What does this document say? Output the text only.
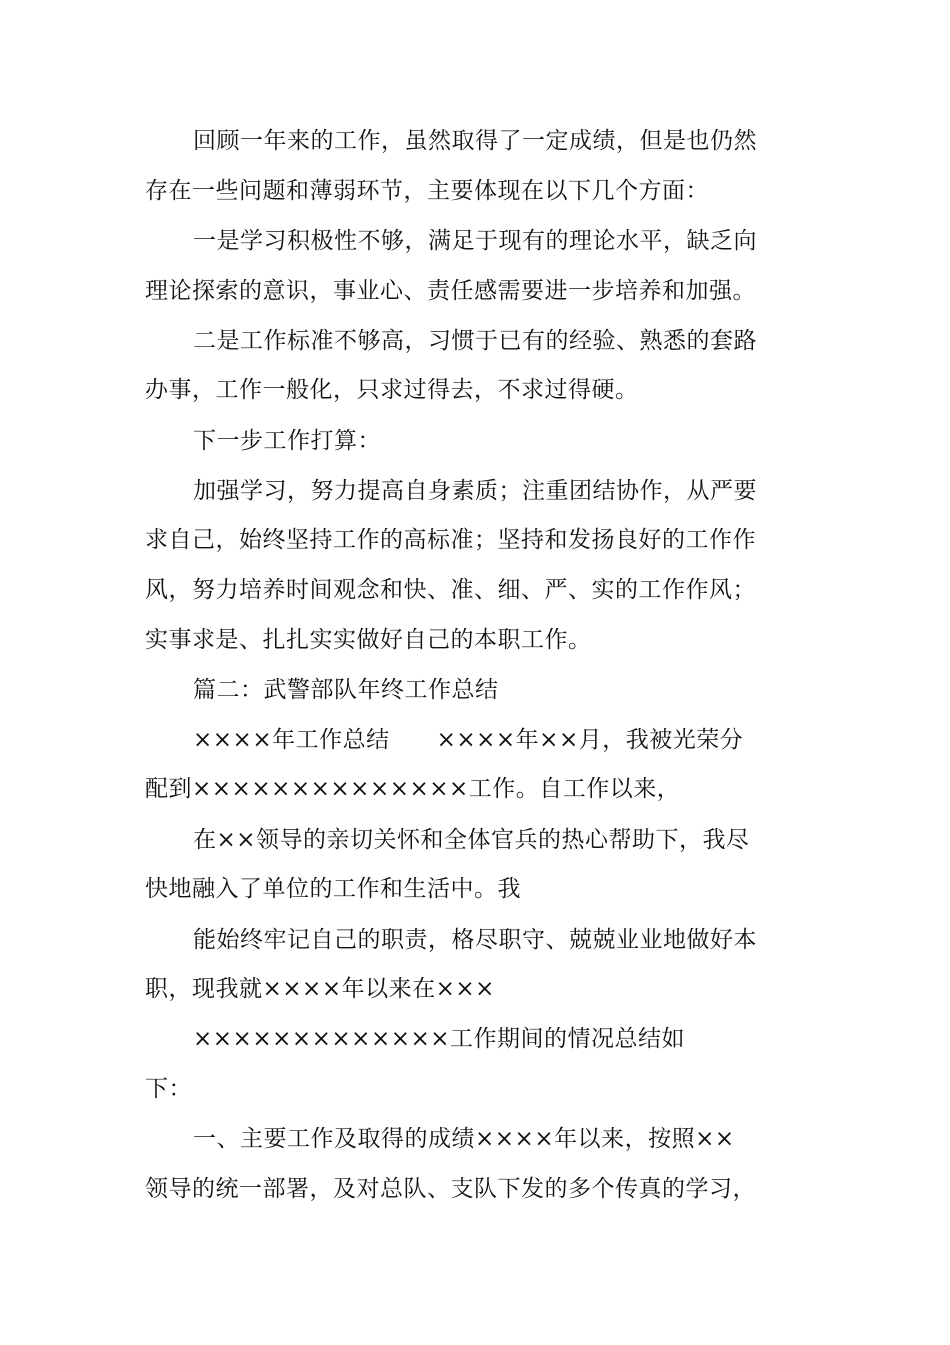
回顾一年来的工作，虽然取得了一定成绩，但是也仍然
存在一些问题和薄弱环节，主要体现在以下几个方面：
一是学习积极性不够，满足于现有的理论水平，缺乏向
理论探索的意识，事业心、责任感需要进一步培养和加强。
二是工作标准不够高，习惯于已有的经验、熟悉的套路
办事，工作一般化，只求过得去，不求过得硬。
下一步工作打算：
加强学习，努力提高自身素质；注重团结协作，从严要
求自己，始终坚持工作的高标准；坚持和发扬良好的工作作
风，努力培养时间观念和快、准、细、严、实的工作作风；
实事求是、扎扎实实做好自己的本职工作。
篇二：武警部队年终工作总结
××××年工作总结　　××××年××月，我被光荣分
配到××××××××××××××工作。自工作以来，
在××领导的亲切关怀和全体官兵的热心帮助下，我尽
快地融入了单位的工作和生活中。我
能始终牢记自己的职责，格尽职守、兢兢业业地做好本
职，现我就××××年以来在×××
×××××××××××××工作期间的情况总结如
下：
一、主要工作及取得的成绩××××年以来，按照××
领导的统一部署，及对总队、支队下发的多个传真的学习，
